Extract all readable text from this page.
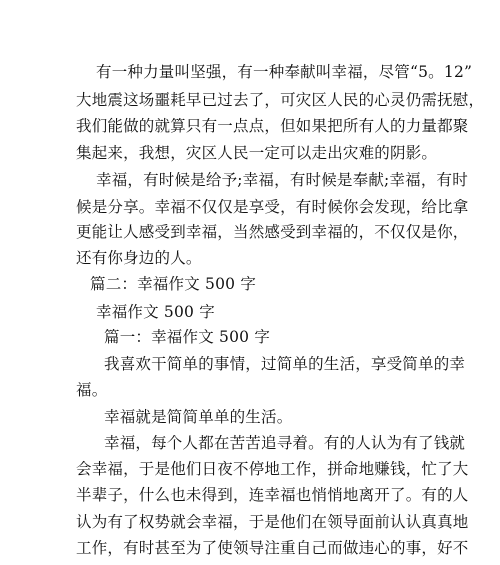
有一种力量叫坚强，有一种奉献叫幸福，尽管“5。12”
大地震这场噩耗早已过去了，可灾区人民的心灵仍需抚慰，
我们能做的就算只有一点点，但如果把所有人的力量都聚
集起来，我想，灾区人民一定可以走出灾难的阴影。
幸福，有时候是给予;幸福，有时候是奉献;幸福，有时
候是分享。幸福不仅仅是享受，有时候你会发现，给比拿
更能让人感受到幸福，当然感受到幸福的，不仅仅是你，
还有你身边的人。
篇二：幸福作文 500 字
幸福作文 500 字
篇一：幸福作文 500 字
我喜欢干简单的事情，过简单的生活，享受简单的幸
福。
幸福就是简简单单的生活。
幸福，每个人都在苦苦追寻着。有的人认为有了钱就
会幸福，于是他们日夜不停地工作，拼命地赚钱，忙了大
半辈子，什么也未得到，连幸福也悄悄地离开了。有的人
认为有了权势就会幸福，于是他们在领导面前认认真真地
工作，有时甚至为了使领导注重自己而做违心的事，好不
